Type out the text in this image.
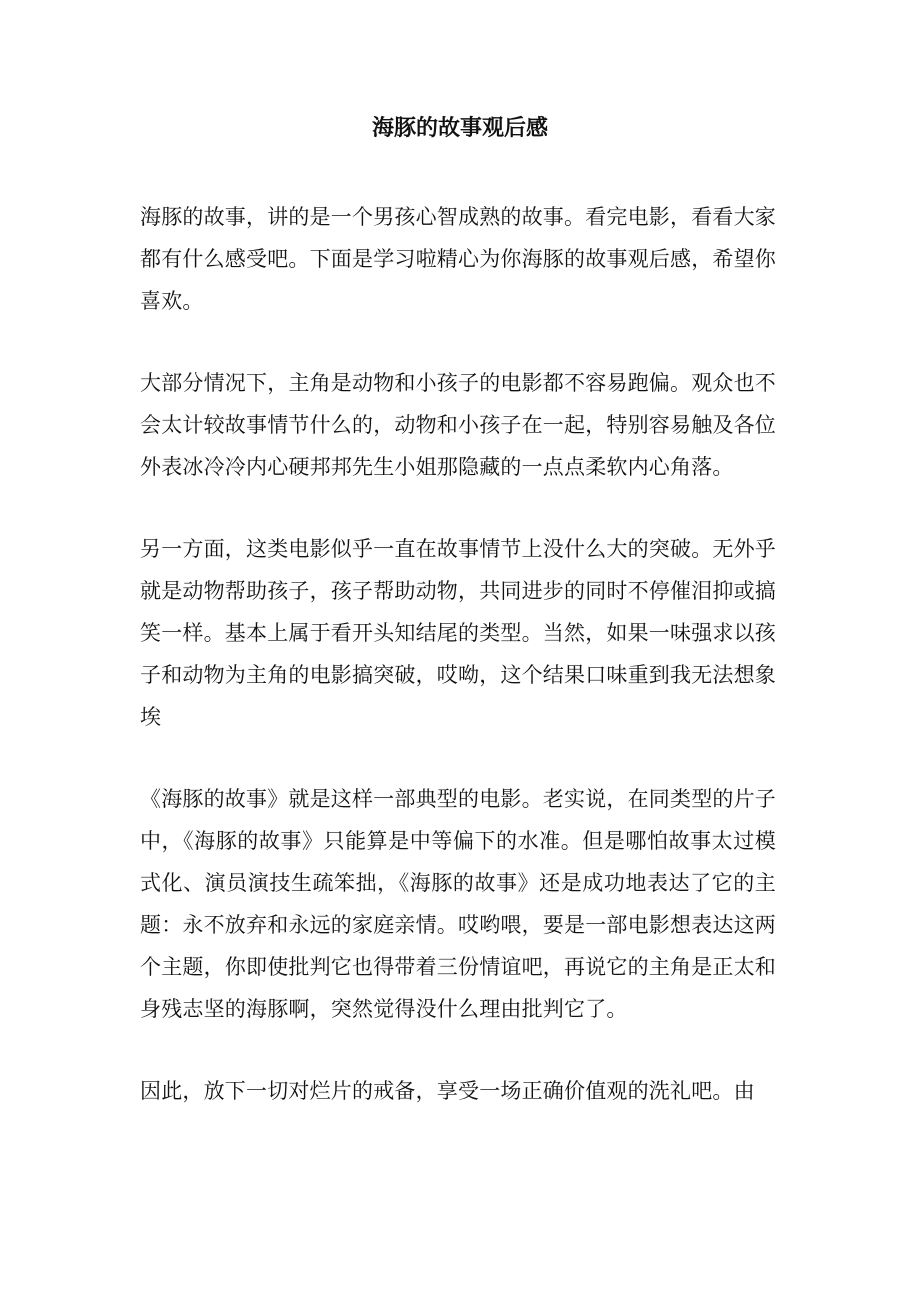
海豚的故事观后感

海豚的故事，讲的是一个男孩心智成熟的故事。看完电影，看看大家都有什么感受吧。下面是学习啦精心为你海豚的故事观后感，希望你喜欢。

大部分情况下，主角是动物和小孩子的电影都不容易跑偏。观众也不会太计较故事情节什么的，动物和小孩子在一起，特别容易触及各位外表冰冷冷内心硬邦邦先生小姐那隐藏的一点点柔软内心角落。

另一方面，这类电影似乎一直在故事情节上没什么大的突破。无外乎就是动物帮助孩子，孩子帮助动物，共同进步的同时不停催泪抑或搞笑一样。基本上属于看开头知结尾的类型。当然，如果一味强求以孩子和动物为主角的电影搞突破，哎呦，这个结果口味重到我无法想象埃

《海豚的故事》就是这样一部典型的电影。老实说，在同类型的片子中，《海豚的故事》只能算是中等偏下的水准。但是哪怕故事太过模式化、演员演技生疏笨拙，《海豚的故事》还是成功地表达了它的主题：永不放弃和永远的家庭亲情。哎哟喂，要是一部电影想表达这两个主题，你即使批判它也得带着三份情谊吧，再说它的主角是正太和身残志坚的海豚啊，突然觉得没什么理由批判它了。

因此，放下一切对烂片的戒备，享受一场正确价值观的洗礼吧。由
